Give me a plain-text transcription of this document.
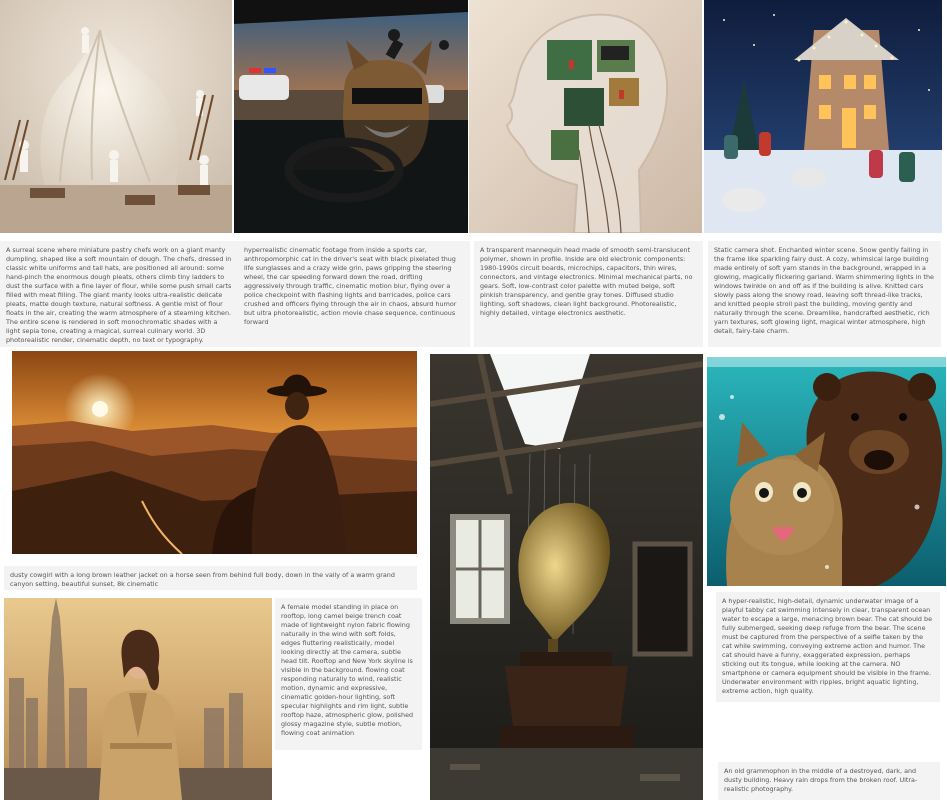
A surreal scene where miniature pastry chefs work on a giant manty dumpling, shaped like a soft mountain of dough. The chefs, dressed in classic white uniforms and tall hats, are positioned all around: some hand-pinch the enormous dough pleats, others climb tiny ladders to dust the surface with a fine layer of flour, while some push small carts filled with meat filling. The giant manty looks ultra-realistic delicate pleats, matte dough texture, natural softness. A gentle mist of flour floats in the air, creating the warm atmosphere of a steaming kitchen. The entire scene is rendered in soft monochromatic shades with a light sepia tone, creating a magical, surreal culinary world. 3D photorealistic render, cinematic depth, no text or typography.
hyperrealistic cinematic footage from inside a sports car, anthropomorphic cat in the driver's seat with black pixelated thug life sunglasses and a crazy wide grin, paws gripping the steering wheel, the car speeding forward down the road, drifting aggressively through traffic, cinematic motion blur, flying over a police checkpoint with flashing lights and barricades, police cars crushed and officers flying through the air in chaos, absurd humor but ultra photorealistic, action movie chase sequence, continuous forward
A transparent mannequin head made of smooth semi-translucent polymer, shown in profile. Inside are old electronic components: 1980-1990s circuit boards, microchips, capacitors, thin wires, connectors, and vintage electronics. Minimal mechanical parts, no gears. Soft, low-contrast color palette with muted beige, soft pinkish transparency, and gentle gray tones. Diffused studio lighting, soft shadows, clean light background. Photorealistic, highly detailed, vintage electronics aesthetic.
Static camera shot. Enchanted winter scene. Snow gently falling in the frame like sparkling fairy dust. A cozy, whimsical large building made entirely of soft yarn stands in the background, wrapped in a glowing, magically flickering garland. Warm shimmering lights in the windows twinkle on and off as if the building is alive. Knitted cars slowly pass along the snowy road, leaving soft thread-like tracks, and knitted people stroll past the building, moving gently and naturally through the scene. Dreamlike, handcrafted aesthetic, rich yarn textures, soft glowing light, magical winter atmosphere, high detail, fairy-tale charm.
dusty cowgirl with a long brown leather jacket on a horse seen from behind full body, down in the vally of a warm grand canyon setting, beautiful sunset, 8k cinematic
A female model standing in place on rooftop, long camel beige trench coat made of lightweight nylon fabric flowing naturally in the wind with soft folds, edges fluttering realistically, model looking directly at the camera, subtle head tilt. Rooftop and New York skyline is visible in the background. flowing coat responding naturally to wind, realistic motion, dynamic and expressive, cinematic golden-hour lighting, soft specular highlights and rim light, subtle rooftop haze, atmospheric glow, polished glossy magazine style, subtle motion, flowing coat animation
An old grammophon in the middle of a destroyed, dark, and dusty building. Heavy rain drops from the broken roof. Ultra-realistic photography.
A hyper-realistic, high-detail, dynamic underwater image of a playful tabby cat swimming intensely in clear, transparent ocean water to escape a large, menacing brown bear. The cat should be fully submerged, seeking deep refuge from the bear. The scene must be captured from the perspective of a selfie taken by the cat while swimming, conveying extreme action and humor. The cat should have a funny, exaggerated expression, perhaps sticking out its tongue, while looking at the camera. NO smartphone or camera equipment should be visible in the frame. Underwater environment with ripples, bright aquatic lighting, extreme action, high quality.
